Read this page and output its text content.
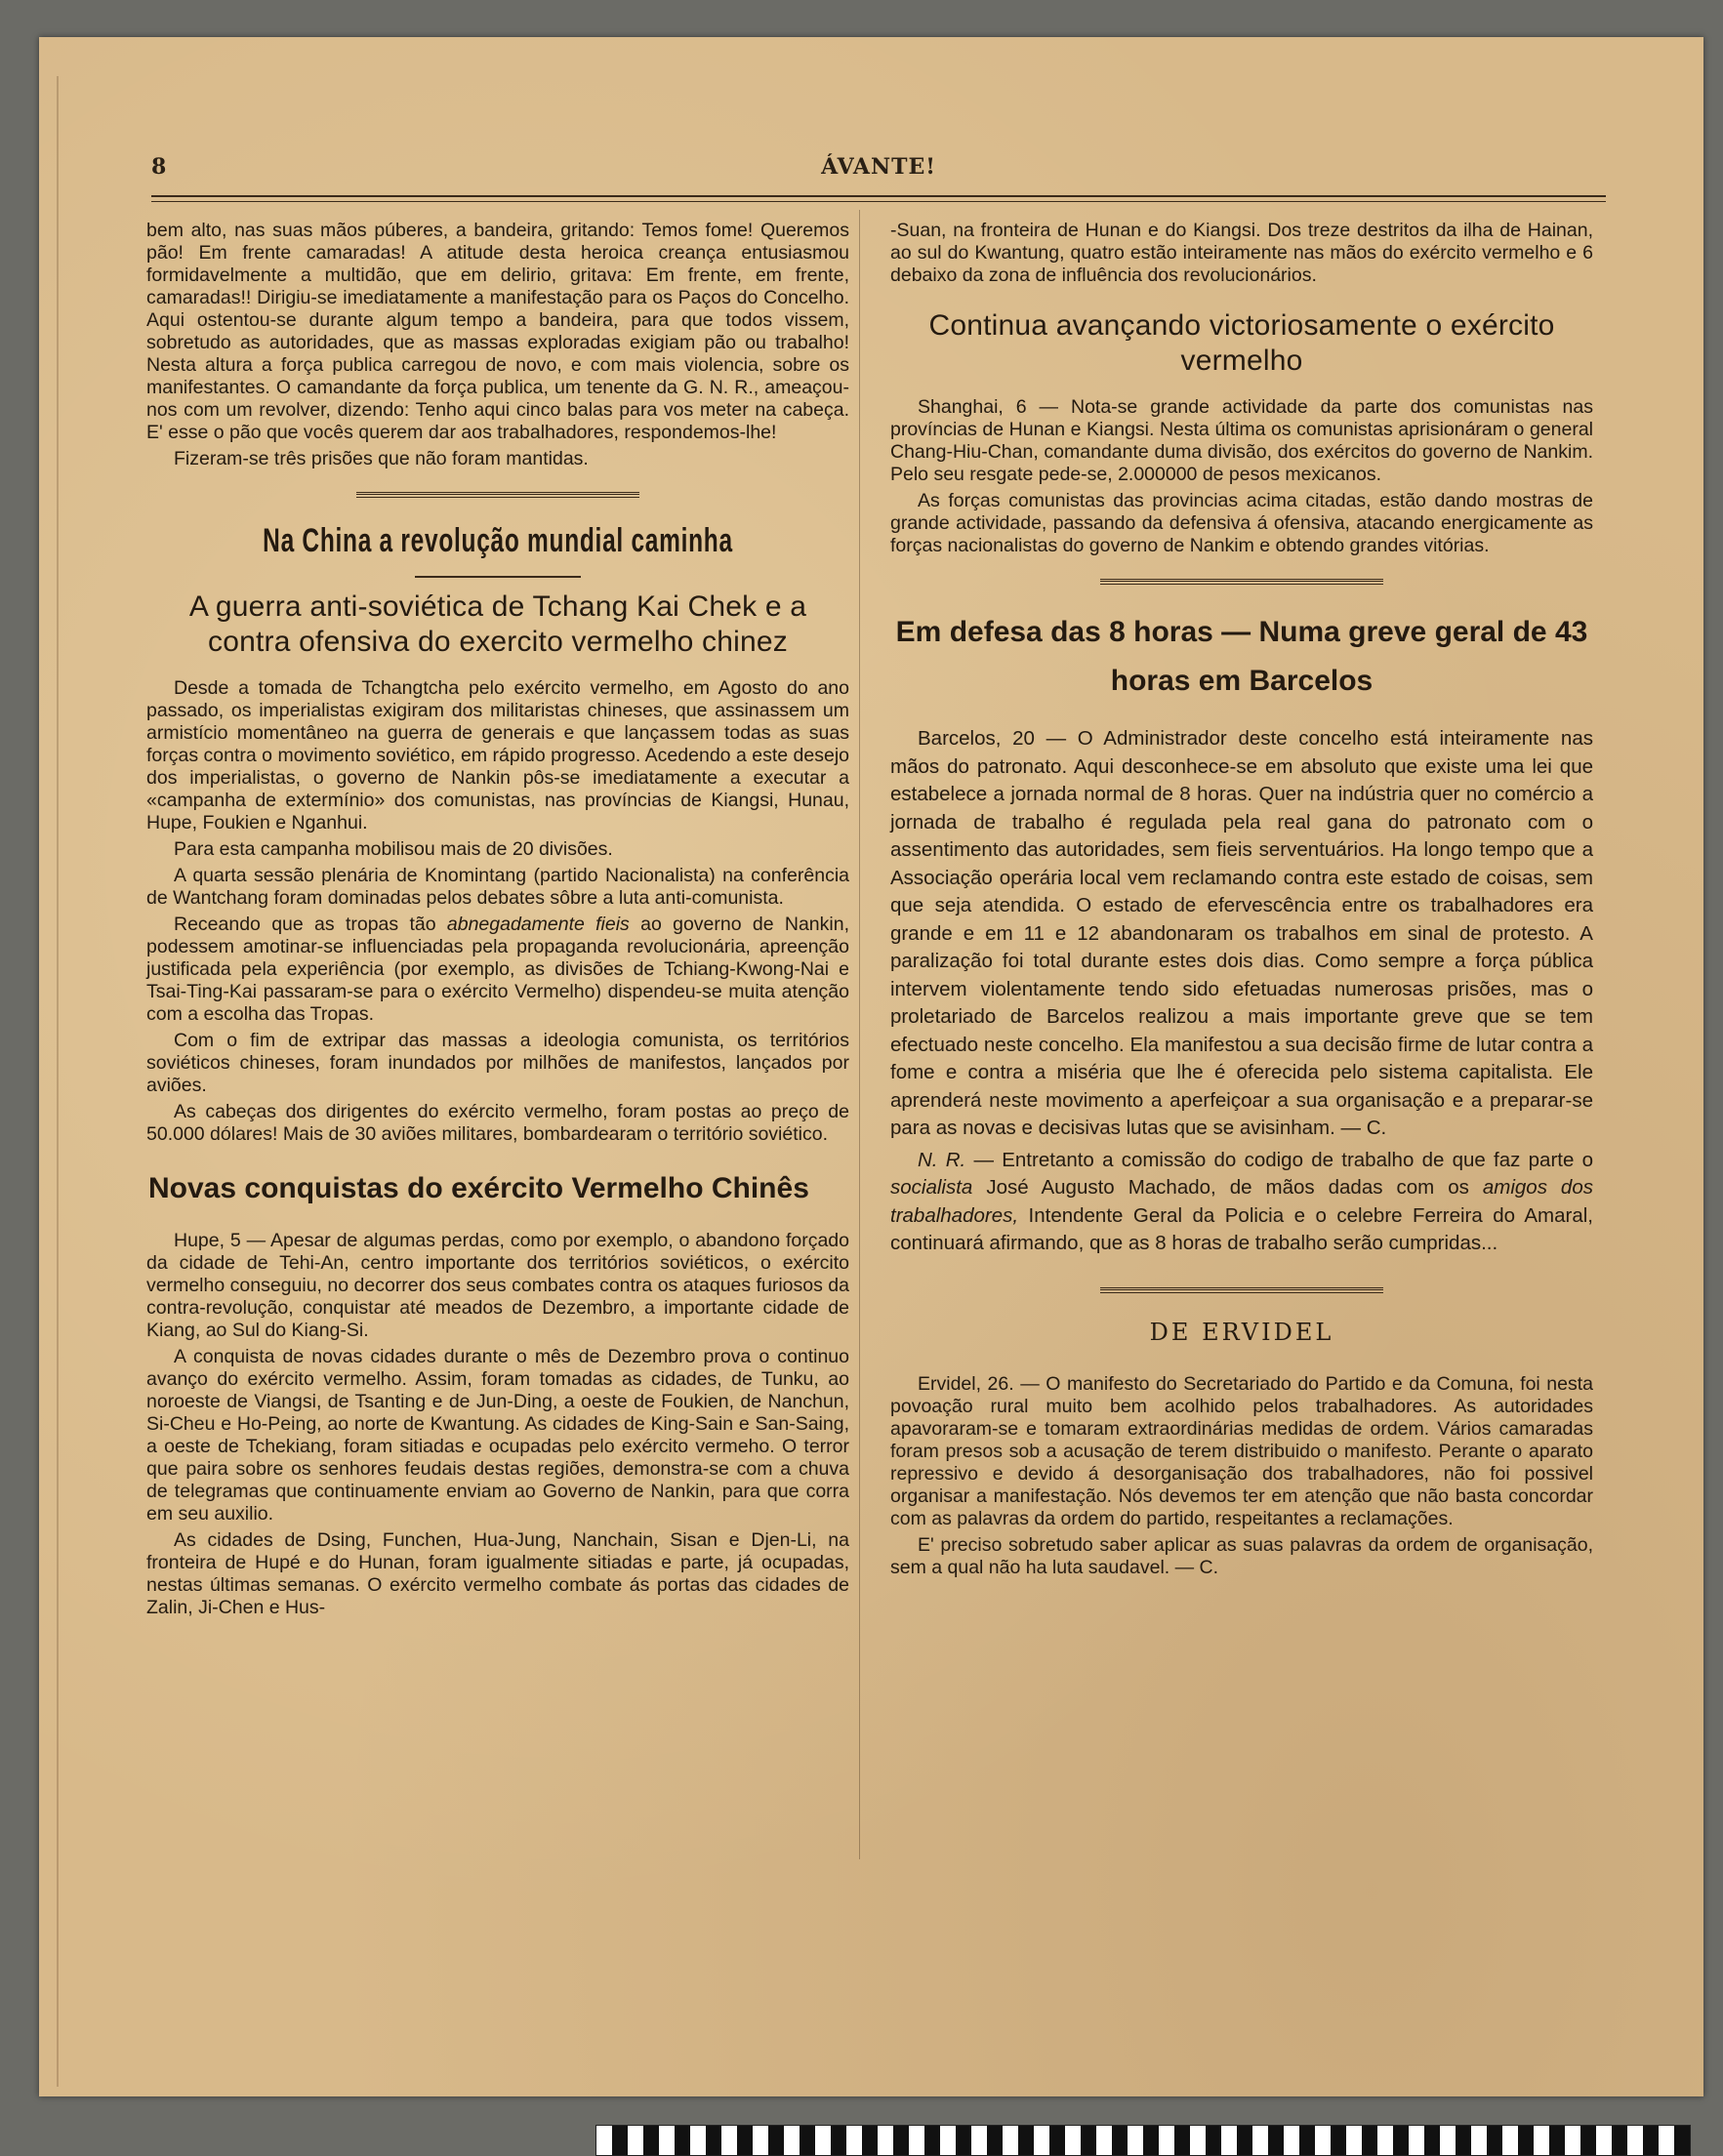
8	ÁVANTE!

bem alto, nas suas mãos púberes, a bandeira, gritando: Temos fome! Queremos pão! Em frente camaradas! A atitude desta heroica creança entusiasmou formidavelmente a multidão, que em delirio, gritava: Em frente, em frente, camaradas!! Dirigiu-se imediatamente a manifestação para os Paços do Concelho. Aqui ostentou-se durante algum tempo a bandeira, para que todos vissem, sobretudo as autoridades, que as massas exploradas exigiam pão ou trabalho! Nesta altura a força publica carregou de novo, e com mais violencia, sobre os manifestantes. O camandante da força publica, um tenente da G. N. R., ameaçou-nos com um revolver, dizendo: Tenho aqui cinco balas para vos meter na cabeça. E' esse o pão que vocês querem dar aos trabalhadores, respondemos-lhe!

Fizeram-se três prisões que não foram mantidas.

Na China a revolução mundial caminha
A guerra anti-soviética de Tchang Kai Chek e a contra ofensiva do exercito vermelho chinez

Desde a tomada de Tchangtcha pelo exército vermelho, em Agosto do ano passado, os imperialistas exigiram dos militaristas chineses, que assinassem um armistício momentâneo na guerra de generais e que lançassem todas as suas forças contra o movimento soviético, em rápido progresso. Acedendo a este desejo dos imperialistas, o governo de Nankin pôs-se imediatamente a executar a «campanha de extermínio» dos comunistas, nas províncias de Kiangsi, Hunau, Hupe, Foukien e Nganhui.

Para esta campanha mobilisou mais de 20 divisões.

A quarta sessão plenária de Knomintang (partido Nacionalista) na conferência de Wantchang foram dominadas pelos debates sôbre a luta anti-comunista.

Receando que as tropas tão abnegadamente fieis ao governo de Nankin, podessem amotinar-se influenciadas pela propaganda revolucionária, apreenção justificada pela experiência (por exemplo, as divisões de Tchiang-Kwong-Nai e Tsai-Ting-Kai passaram-se para o exército Vermelho) dispendeu-se muita atenção com a escolha das Tropas.

Com o fim de extripar das massas a ideologia comunista, os territórios soviéticos chineses, foram inundados por milhões de manifestos, lançados por aviões.

As cabeças dos dirigentes do exército vermelho, foram postas ao preço de 50.000 dólares! Mais de 30 aviões militares, bombardearam o território soviético.

Novas conquistas do exército Vermelho Chinês

Hupe, 5 — Apesar de algumas perdas, como por exemplo, o abandono forçado da cidade de Tehi-An, centro importante dos territórios soviéticos, o exército vermelho conseguiu, no decorrer dos seus combates contra os ataques furiosos da contra-revolução, conquistar até meados de Dezembro, a importante cidade de Kiang, ao Sul do Kiang-Si.

A conquista de novas cidades durante o mês de Dezembro prova o continuo avanço do exército vermelho. Assim, foram tomadas as cidades, de Tunku, ao noroeste de Viangsi, de Tsanting e de Jun-Ding, a oeste de Foukien, de Nanchun, Si-Cheu e Ho-Peing, ao norte de Kwantung. As cidades de King-Sain e San-Saing, a oeste de Tchekiang, foram sitiadas e ocupadas pelo exército vermeho. O terror que paira sobre os senhores feudais destas regiões, demonstra-se com a chuva de telegramas que continuamente enviam ao Governo de Nankin, para que corra em seu auxilio.

As cidades de Dsing, Funchen, Hua-Jung, Nanchain, Sisan e Djen-Li, na fronteira de Hupé e do Hunan, foram igualmente sitiadas e parte, já ocupadas, nestas últimas semanas. O exército vermelho combate ás portas das cidades de Zalin, Ji-Chen e Hus-

-Suan, na fronteira de Hunan e do Kiangsi. Dos treze destritos da ilha de Hainan, ao sul do Kwantung, quatro estão inteiramente nas mãos do exército vermelho e 6 debaixo da zona de influência dos revolucionários.

Continua avançando victoriosamente o exército vermelho

Shanghai, 6 — Nota-se grande actividade da parte dos comunistas nas províncias de Hunan e Kiangsi. Nesta última os comunistas aprisionáram o general Chang-Hiu-Chan, comandante duma divisão, dos exércitos do governo de Nankim. Pelo seu resgate pede-se, 2.000000 de pesos mexicanos.

As forças comunistas das provincias acima citadas, estão dando mostras de grande actividade, passando da defensiva á ofensiva, atacando energicamente as forças nacionalistas do governo de Nankim e obtendo grandes vitórias.

Em defesa das 8 horas — Numa greve geral de 43 horas em Barcelos

Barcelos, 20 — O Administrador deste concelho está inteiramente nas mãos do patronato. Aqui desconhece-se em absoluto que existe uma lei que estabelece a jornada normal de 8 horas. Quer na indústria quer no comércio a jornada de trabalho é regulada pela real gana do patronato com o assentimento das autoridades, sem fieis serventuários. Ha longo tempo que a Associação operária local vem reclamando contra este estado de coisas, sem que seja atendida. O estado de efervescência entre os trabalhadores era grande e em 11 e 12 abandonaram os trabalhos em sinal de protesto. A paralização foi total durante estes dois dias. Como sempre a força pública intervem violentamente tendo sido efetuadas numerosas prisões, mas o proletariado de Barcelos realizou a mais importante greve que se tem efectuado neste concelho. Ela manifestou a sua decisão firme de lutar contra a fome e contra a miséria que lhe é oferecida pelo sistema capitalista. Ele aprenderá neste movimento a aperfeiçoar a sua organisação e a preparar-se para as novas e decisivas lutas que se avisinham. — C.

N. R. — Entretanto a comissão do codigo de trabalho de que faz parte o socialista José Augusto Machado, de mãos dadas com os amigos dos trabalhadores, Intendente Geral da Policia e o celebre Ferreira do Amaral, continuará afirmando, que as 8 horas de trabalho serão cumpridas...

DE ERVIDEL

Ervidel, 26. — O manifesto do Secretariado do Partido e da Comuna, foi nesta povoação rural muito bem acolhido pelos trabalhadores. As autoridades apavoraram-se e tomaram extraordinárias medidas de ordem. Vários camaradas foram presos sob a acusação de terem distribuido o manifesto. Perante o aparato repressivo e devido á desorganisação dos trabalhadores, não foi possivel organisar a manifestação. Nós devemos ter em atenção que não basta concordar com as palavras da ordem do partido, respeitantes a reclamações.

E' preciso sobretudo saber aplicar as suas palavras da ordem de organisação, sem a qual não ha luta saudavel. — C.
